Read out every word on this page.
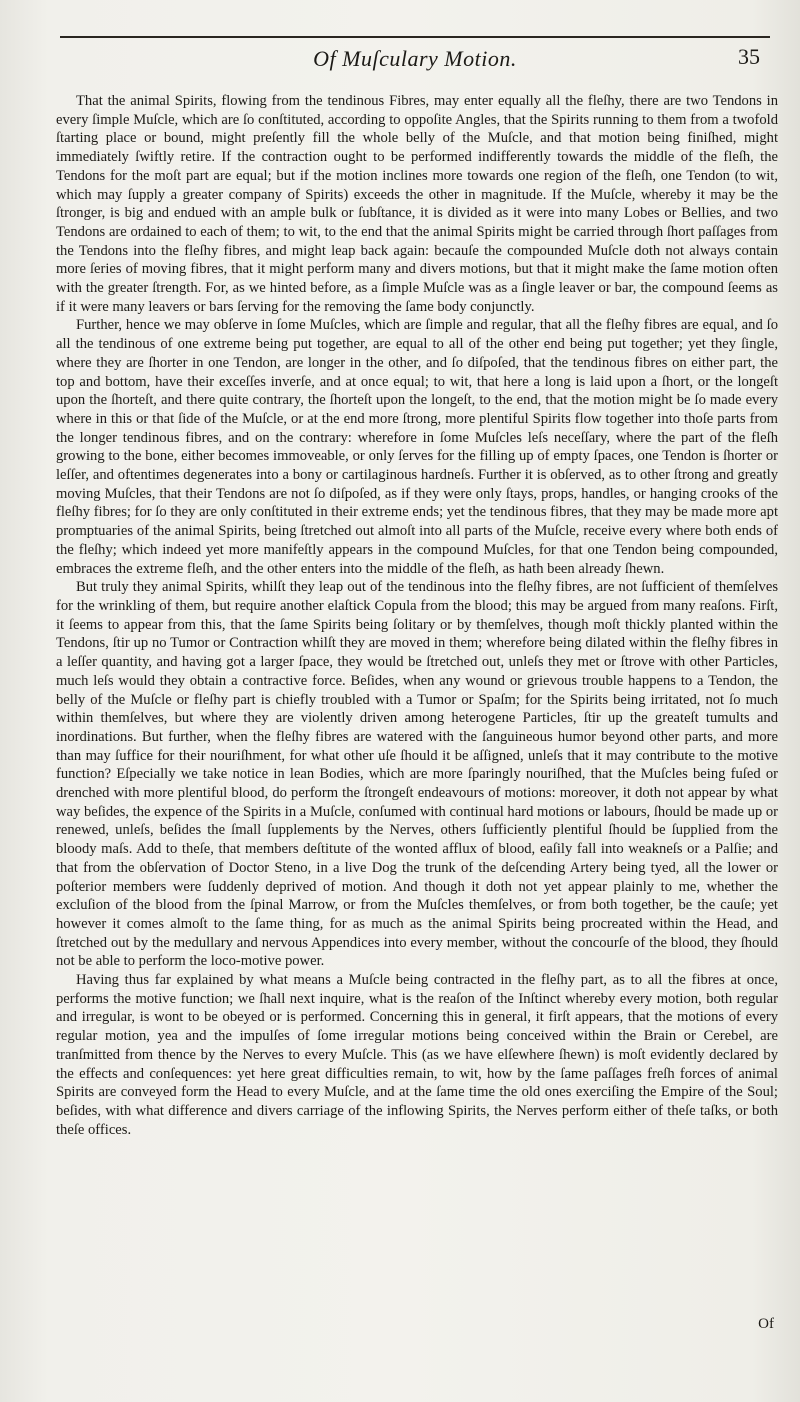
Of Muſculary Motion.	35

That the animal Spirits, flowing from the tendinous Fibres, may enter equally all the fleſhy, there are two Tendons in every ſimple Muſcle, which are ſo conſtituted, according to oppoſite Angles, that the Spirits running to them from a twofold ſtarting place or bound, might preſently fill the whole belly of the Muſcle, and that motion being finiſhed, might immediately ſwiftly retire. If the contraction ought to be performed indifferently towards the middle of the fleſh, the Tendons for the moſt part are equal; but if the motion inclines more towards one region of the fleſh, one Tendon (to wit, which may ſupply a greater company of Spirits) exceeds the other in magnitude. If the Muſcle, whereby it may be the ſtronger, is big and endued with an ample bulk or ſubſtance, it is divided as it were into many Lobes or Bellies, and two Tendons are ordained to each of them; to wit, to the end that the animal Spirits might be carried through ſhort paſſages from the Tendons into the fleſhy fibres, and might leap back again: becauſe the compounded Muſcle doth not always contain more ſeries of moving fibres, that it might perform many and divers motions, but that it might make the ſame motion often with the greater ſtrength. For, as we hinted before, as a ſimple Muſcle was as a ſingle leaver or bar, the compound ſeems as if it were many leavers or bars ſerving for the removing the ſame body conjunctly.

Further, hence we may obſerve in ſome Muſcles, which are ſimple and regular, that all the fleſhy fibres are equal, and ſo all the tendinous of one extreme being put together, are equal to all of the other end being put together; yet they ſingle, where they are ſhorter in one Tendon, are longer in the other, and ſo diſpoſed, that the tendinous fibres on either part, the top and bottom, have their exceſſes inverſe, and at once equal; to wit, that here a long is laid upon a ſhort, or the longeſt upon the ſhorteſt, and there quite contrary, the ſhorteſt upon the longeſt, to the end, that the motion might be ſo made every where in this or that ſide of the Muſcle, or at the end more ſtrong, more plentiful Spirits flow together into thoſe parts from the longer tendinous fibres, and on the contrary: wherefore in ſome Muſcles leſs neceſſary, where the part of the fleſh growing to the bone, either becomes immoveable, or only ſerves for the filling up of empty ſpaces, one Tendon is ſhorter or leſſer, and oftentimes degenerates into a bony or cartilaginous hardneſs. Further it is obſerved, as to other ſtrong and greatly moving Muſcles, that their Tendons are not ſo diſpoſed, as if they were only ſtays, props, handles, or hanging crooks of the fleſhy fibres; for ſo they are only conſtituted in their extreme ends; yet the tendinous fibres, that they may be made more apt promptuaries of the animal Spirits, being ſtretched out almoſt into all parts of the Muſcle, receive every where both ends of the fleſhy; which indeed yet more manifeſtly appears in the compound Muſcles, for that one Tendon being compounded, embraces the extreme fleſh, and the other enters into the middle of the fleſh, as hath been already ſhewn.

But truly they animal Spirits, whilſt they leap out of the tendinous into the fleſhy fibres, are not ſufficient of themſelves for the wrinkling of them, but require another elaſtick Copula from the blood; this may be argued from many reaſons. Firſt, it ſeems to appear from this, that the ſame Spirits being ſolitary or by themſelves, though moſt thickly planted within the Tendons, ſtir up no Tumor or Contraction whilſt they are moved in them; wherefore being dilated within the fleſhy fibres in a leſſer quantity, and having got a larger ſpace, they would be ſtretched out, unleſs they met or ſtrove with other Particles, much leſs would they obtain a contractive force. Beſides, when any wound or grievous trouble happens to a Tendon, the belly of the Muſcle or fleſhy part is chiefly troubled with a Tumor or Spaſm; for the Spirits being irritated, not ſo much within themſelves, but where they are violently driven among heterogene Particles, ſtir up the greateſt tumults and inordinations. But further, when the fleſhy fibres are watered with the ſanguineous humor beyond other parts, and more than may ſuffice for their nouriſhment, for what other uſe ſhould it be aſſigned, unleſs that it may contribute to the motive function? Eſpecially we take notice in lean Bodies, which are more ſparingly nouriſhed, that the Muſcles being fuſed or drenched with more plentiful blood, do perform the ſtrongeſt endeavours of motions: moreover, it doth not appear by what way beſides, the expence of the Spirits in a Muſcle, conſumed with continual hard motions or labours, ſhould be made up or renewed, unleſs, beſides the ſmall ſupplements by the Nerves, others ſufficiently plentiful ſhould be ſupplied from the bloody maſs. Add to theſe, that members deſtitute of the wonted afflux of blood, eaſily fall into weakneſs or a Palſie; and that from the obſervation of Doctor Steno, in a live Dog the trunk of the deſcending Artery being tyed, all the lower or poſterior members were ſuddenly deprived of motion. And though it doth not yet appear plainly to me, whether the excluſion of the blood from the ſpinal Marrow, or from the Muſcles themſelves, or from both together, be the cauſe; yet however it comes almoſt to the ſame thing, for as much as the animal Spirits being procreated within the Head, and ſtretched out by the medullary and nervous Appendices into every member, without the concourſe of the blood, they ſhould not be able to perform the loco-motive power.

Having thus far explained by what means a Muſcle being contracted in the fleſhy part, as to all the fibres at once, performs the motive function; we ſhall next inquire, what is the reaſon of the Inſtinct whereby every motion, both regular and irregular, is wont to be obeyed or is performed. Concerning this in general, it firſt appears, that the motions of every regular motion, yea and the impulſes of ſome irregular motions being conceived within the Brain or Cerebel, are tranſmitted from thence by the Nerves to every Muſcle. This (as we have elſewhere ſhewn) is moſt evidently declared by the effects and conſequences: yet here great difficulties remain, to wit, how by the ſame paſſages freſh forces of animal Spirits are conveyed form the Head to every Muſcle, and at the ſame time the old ones exerciſing the Empire of the Soul; beſides, with what difference and divers carriage of the inflowing Spirits, the Nerves perform either of theſe taſks, or both theſe offices.

Of
